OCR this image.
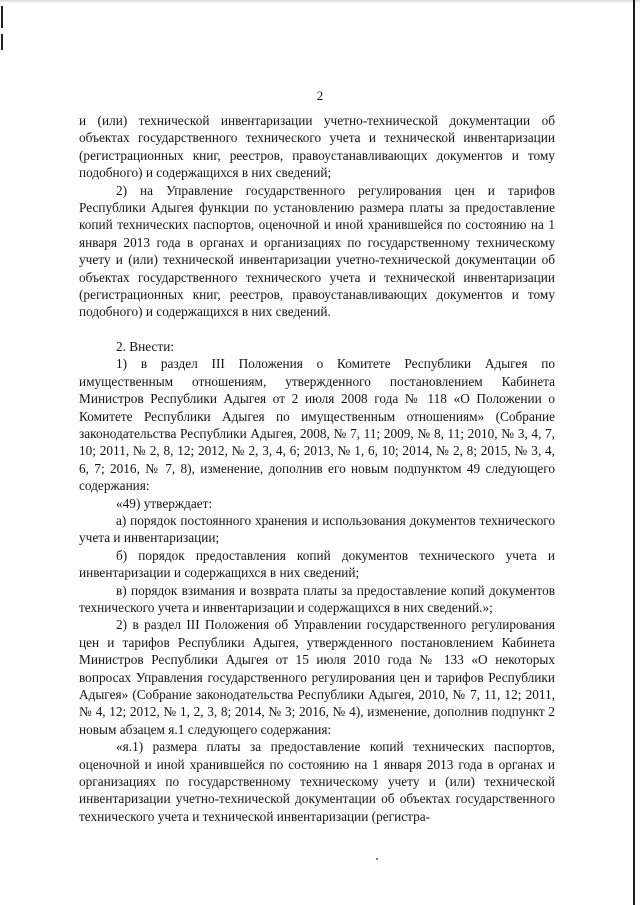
2

и (или) технической инвентаризации учетно-технической документации об объектах государственного технического учета и технической инвентаризации (регистрационных книг, реестров, правоустанавливающих документов и тому подобного) и содержащихся в них сведений;

2) на Управление государственного регулирования цен и тарифов Республики Адыгея функции по установлению размера платы за предоставление копий технических паспортов, оценочной и иной хранившейся по состоянию на 1 января 2013 года в органах и организациях по государственному техническому учету и (или) технической инвентаризации учетно-технической документации об объектах государственного технического учета и технической инвентаризации (регистрационных книг, реестров, правоустанавливающих документов и тому подобного) и содержащихся в них сведений.

2. Внести:

1) в раздел III Положения о Комитете Республики Адыгея по имущественным отношениям, утвержденного постановлением Кабинета Министров Республики Адыгея от 2 июля 2008 года № 118 «О Положении о Комитете Республики Адыгея по имущественным отношениям» (Собрание законодательства Республики Адыгея, 2008, № 7, 11; 2009, № 8, 11; 2010, № 3, 4, 7, 10; 2011, № 2, 8, 12; 2012, № 2, 3, 4, 6; 2013, № 1, 6, 10; 2014, № 2, 8; 2015, № 3, 4, 6, 7; 2016, № 7, 8), изменение, дополнив его новым подпунктом 49 следующего содержания:

«49) утверждает:

а) порядок постоянного хранения и использования документов технического учета и инвентаризации;

б) порядок предоставления копий документов технического учета и инвентаризации и содержащихся в них сведений;

в) порядок взимания и возврата платы за предоставление копий документов технического учета и инвентаризации и содержащихся в них сведений.»;

2) в раздел III Положения об Управлении государственного регулирования цен и тарифов Республики Адыгея, утвержденного постановлением Кабинета Министров Республики Адыгея от 15 июля 2010 года № 133 «О некоторых вопросах Управления государственного регулирования цен и тарифов Республики Адыгея» (Собрание законодательства Республики Адыгея, 2010, № 7, 11, 12; 2011, № 4, 12; 2012, № 1, 2, 3, 8; 2014, № 3; 2016, № 4), изменение, дополнив подпункт 2 новым абзацем я.1 следующего содержания:

«я.1) размера платы за предоставление копий технических паспортов, оценочной и иной хранившейся по состоянию на 1 января 2013 года в органах и организациях по государственному техническому учету и (или) технической инвентаризации учетно-технической документации об объектах государственного технического учета и технической инвентаризации (регистра-
